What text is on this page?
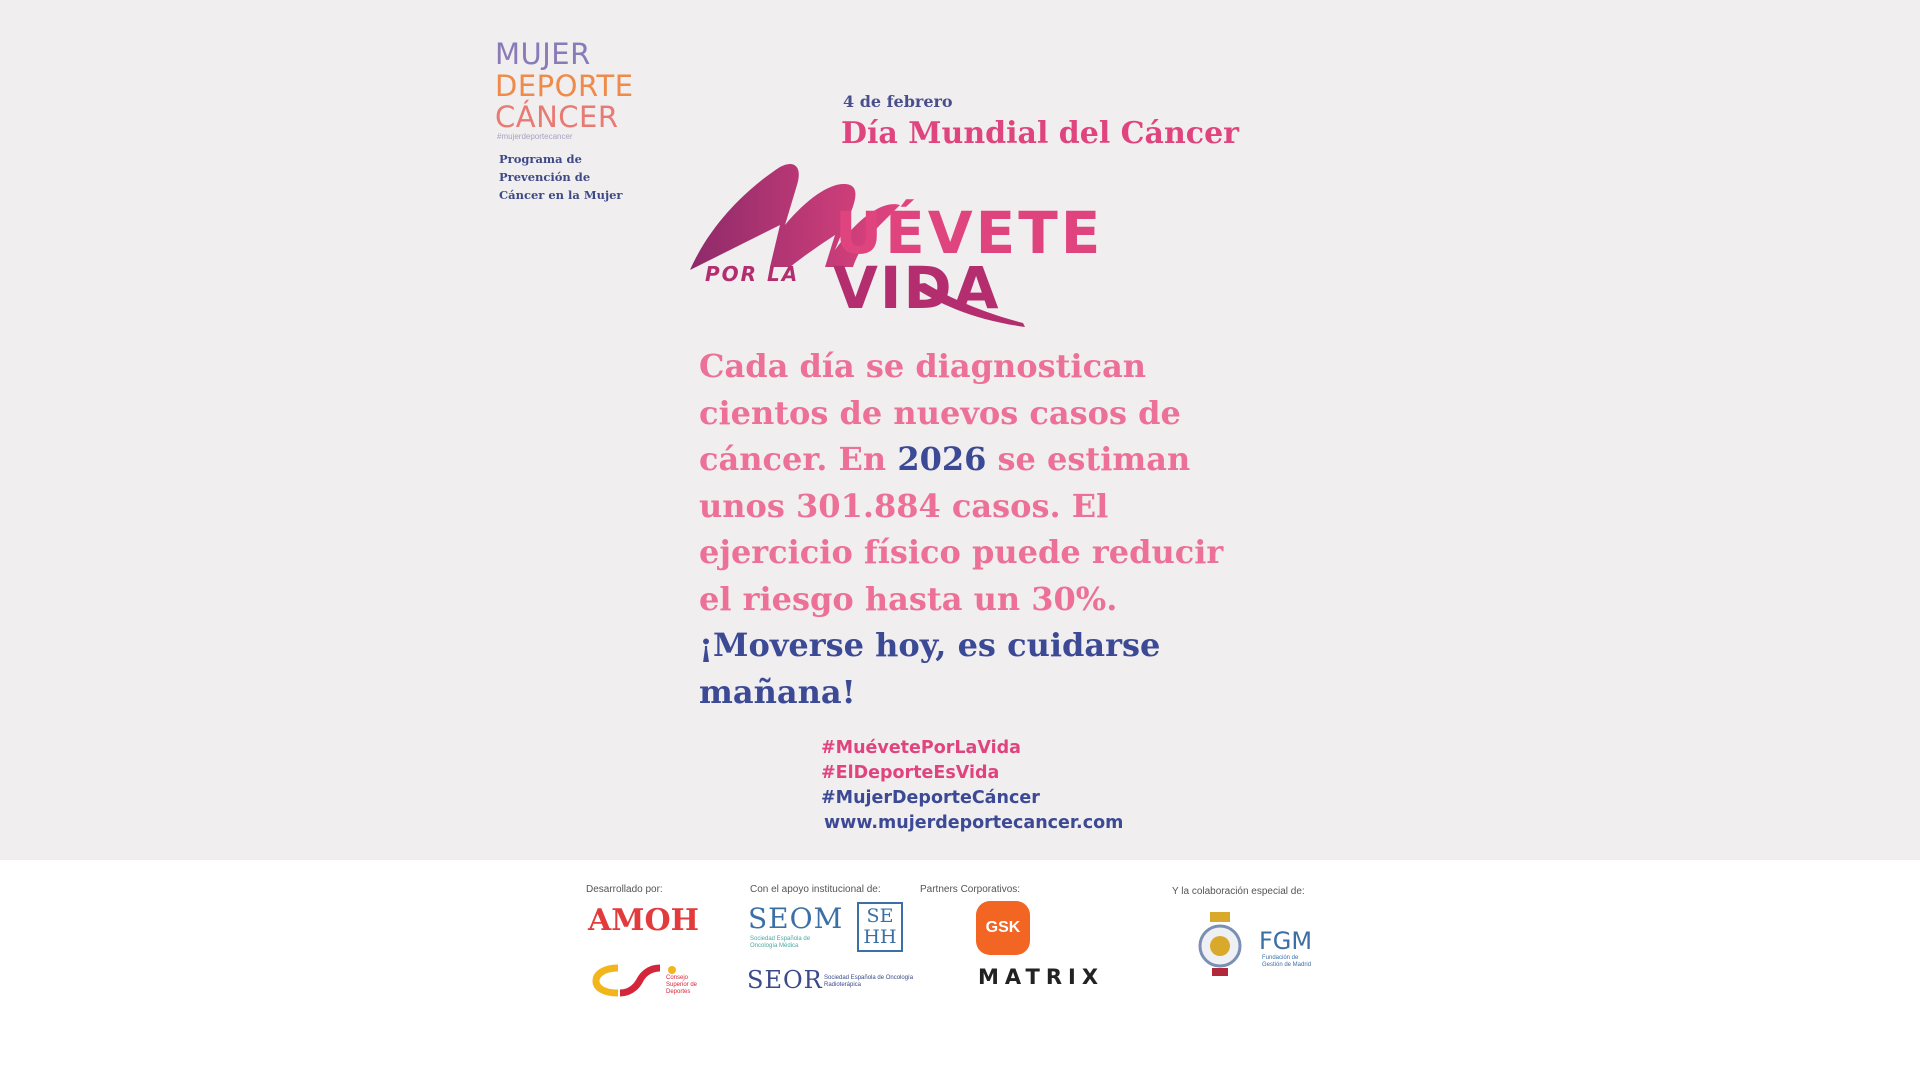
MUJER
DEPORTE
CÁNCER
#mujerdeportecancer
Programa de Prevención de Cáncer en la Mujer
4 de febrero
Día Mundial del Cáncer
UÉVETE
POR LA VIDA
Cada día se diagnostican cientos de nuevos casos de cáncer. En 2026 se estiman unos 301.884 casos. El ejercicio físico puede reducir el riesgo hasta un 30%.
¡Moverse hoy, es cuidarse mañana!
#MuévetePorLaVida
#ElDeporteEsVida
#MujerDeporteCáncer
www.mujerdeportecancer.com
Desarrollado por:
AMOH
Consejo Superior de Deportes
Con el apoyo institucional de:
SEOM
Sociedad Española de Oncología Médica
SE
HH
SEOR Sociedad Española de Oncología Radioterápica
Partners Corporativos:
GSK
MATRIX
Y la colaboración especial de:
FGM
Fundación de Gestión de Madrid
